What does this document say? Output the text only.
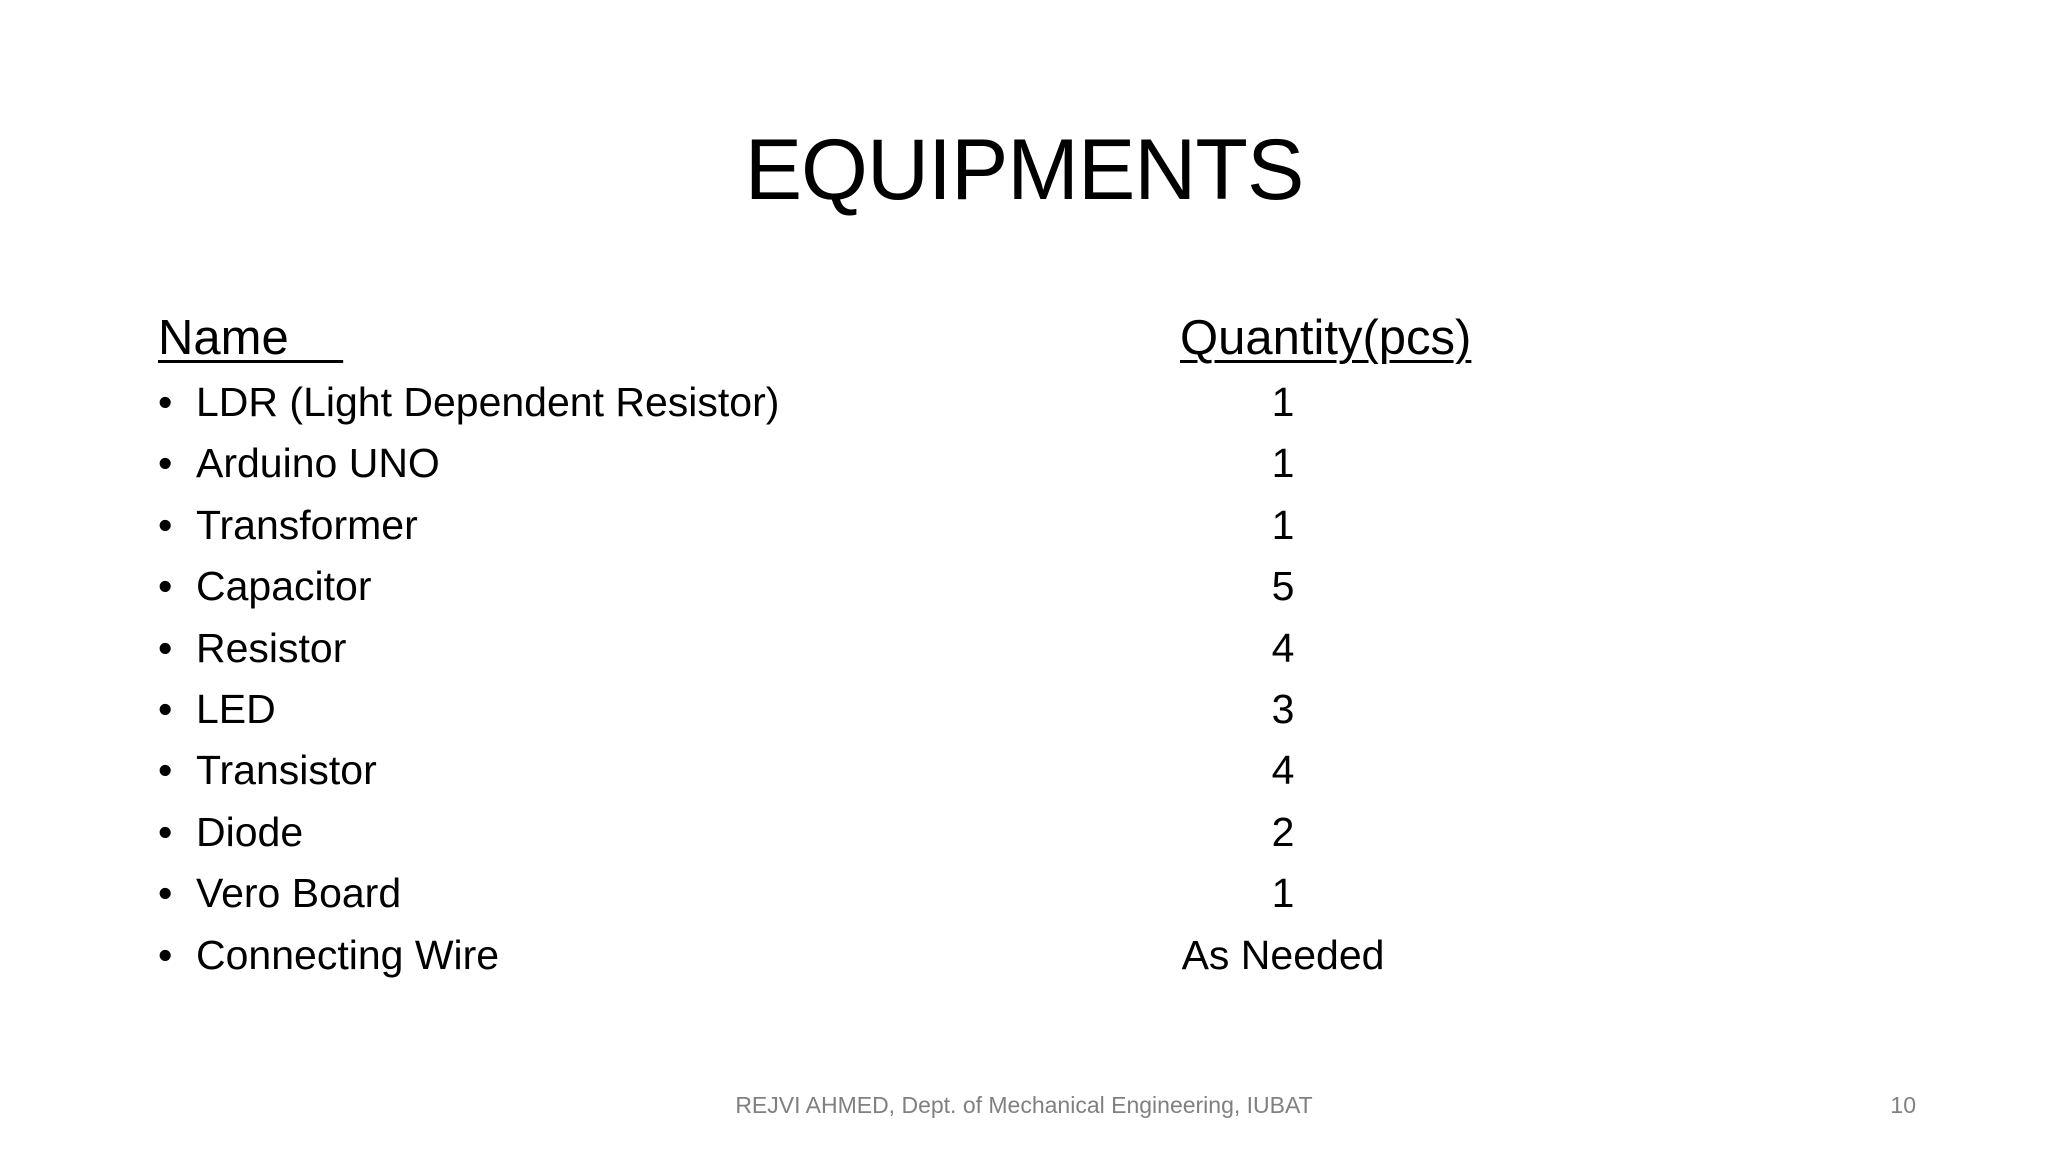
EQUIPMENTS
Name	Quantity(pcs)
• LDR (Light Dependent Resistor)	1
• Arduino UNO	1
• Transformer	1
• Capacitor	5
• Resistor	4
• LED	3
• Transistor	4
• Diode	2
• Vero Board	1
• Connecting Wire	As Needed
REJVI AHMED, Dept. of Mechanical Engineering, IUBAT	10
